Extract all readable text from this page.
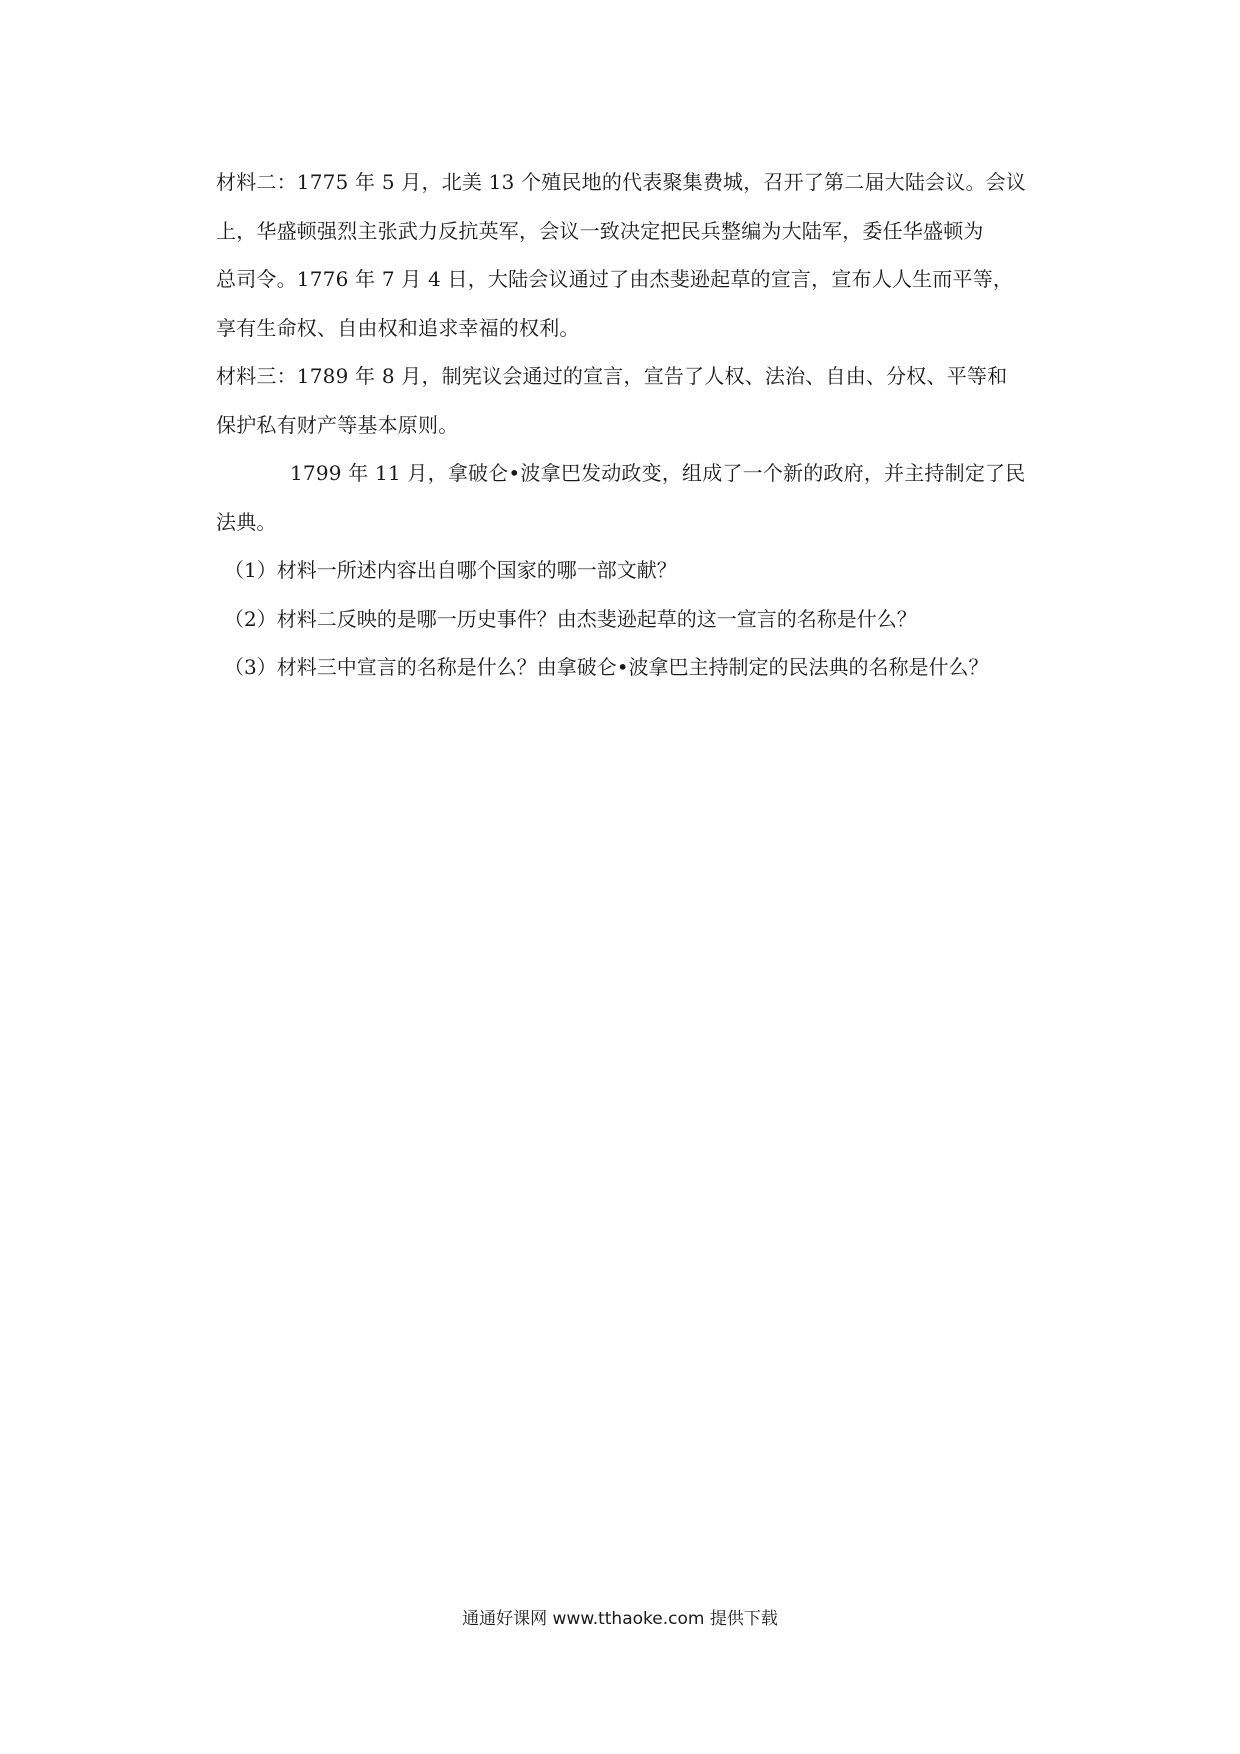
材料二：1775 年 5 月，北美 13 个殖民地的代表聚集费城，召开了第二届大陆会议。会议
上，华盛顿强烈主张武力反抗英军，会议一致决定把民兵整编为大陆军，委任华盛顿为
总司令。1776 年 7 月 4 日，大陆会议通过了由杰斐逊起草的宣言，宣布人人生而平等，
享有生命权、自由权和追求幸福的权利。
材料三：1789 年 8 月，制宪议会通过的宣言，宣告了人权、法治、自由、分权、平等和
保护私有财产等基本原则。
1799 年 11 月，拿破仑•波拿巴发动政变，组成了一个新的政府，并主持制定了民
法典。
（1）材料一所述内容出自哪个国家的哪一部文献？
（2）材料二反映的是哪一历史事件？由杰斐逊起草的这一宣言的名称是什么？
（3）材料三中宣言的名称是什么？由拿破仑•波拿巴主持制定的民法典的名称是什么？
通通好课网 www.tthaoke.com 提供下载
